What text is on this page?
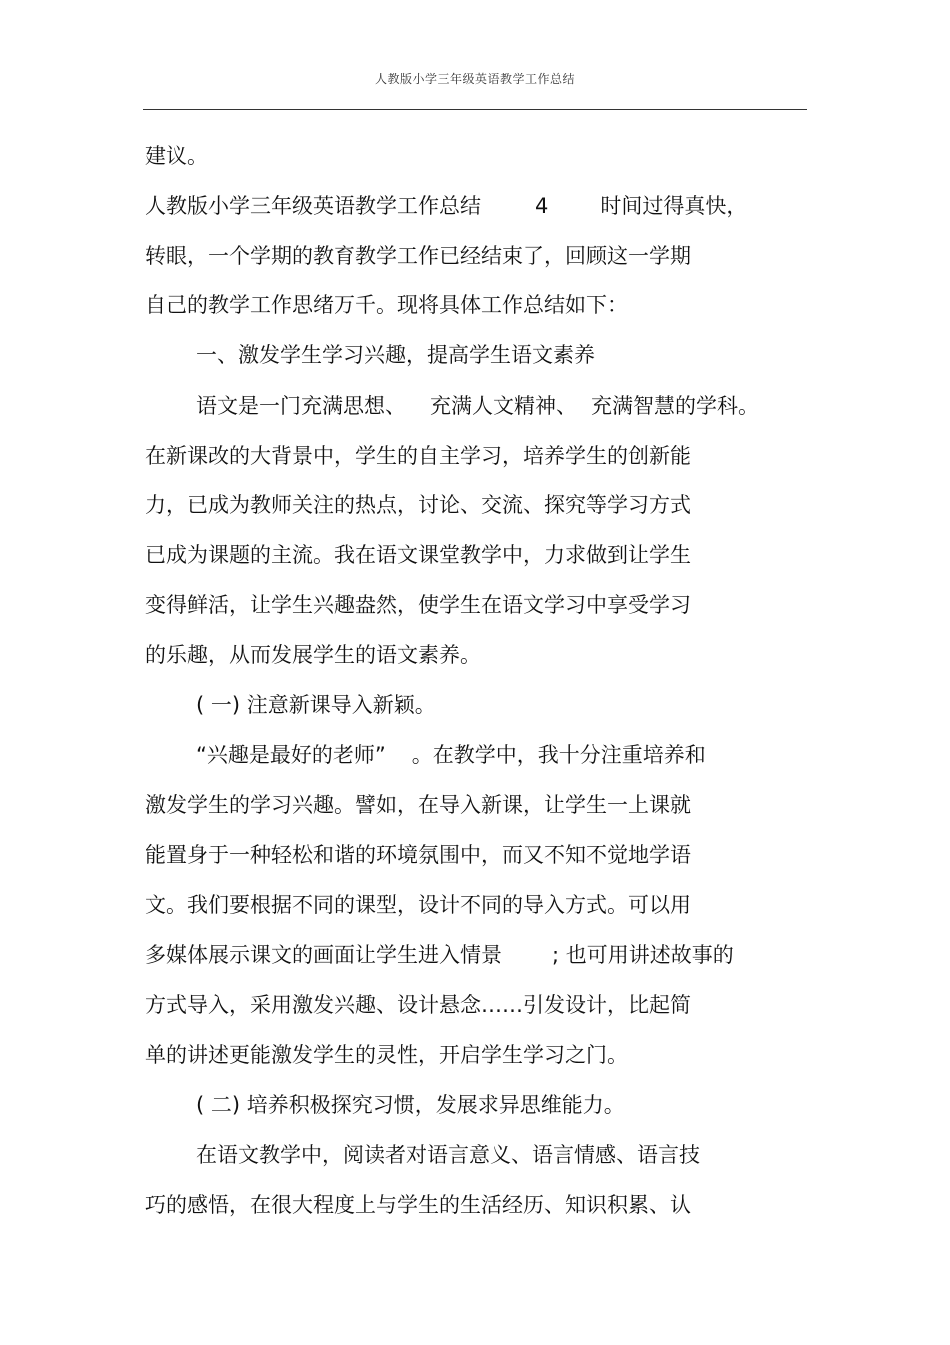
人教版小学三年级英语教学工作总结
建议。
人教版小学三年级英语教学工作总结	4 时间过得真快，
转眼，一个学期的教育教学工作已经结束了，回顾这一学期
自己的教学工作思绪万千。现将具体工作总结如下：
一、激发学生学习兴趣，提高学生语文素养
语文是一门充满思想、 充满人文精神、 充满智慧的学科。
在新课改的大背景中，学生的自主学习，培养学生的创新能
力，已成为教师关注的热点，讨论、交流、探究等学习方式
已成为课题的主流。我在语文课堂教学中，力求做到让学生
变得鲜活，让学生兴趣盎然，使学生在语文学习中享受学习
的乐趣，从而发展学生的语文素养。
( 一) 注意新课导入新颖。
“兴趣是最好的老师” 。在教学中，我十分注重培养和
激发学生的学习兴趣。譬如，在导入新课，让学生一上课就
能置身于一种轻松和谐的环境氛围中，而又不知不觉地学语
文。我们要根据不同的课型，设计不同的导入方式。可以用
多媒体展示课文的画面让学生进入情景 ; 也可用讲述故事的
方式导入，采用激发兴趣、设计悬念……引发设计，比起简
单的讲述更能激发学生的灵性，开启学生学习之门。
( 二) 培养积极探究习惯，发展求异思维能力。
在语文教学中，阅读者对语言意义、语言情感、语言技
巧的感悟，在很大程度上与学生的生活经历、知识积累、认
